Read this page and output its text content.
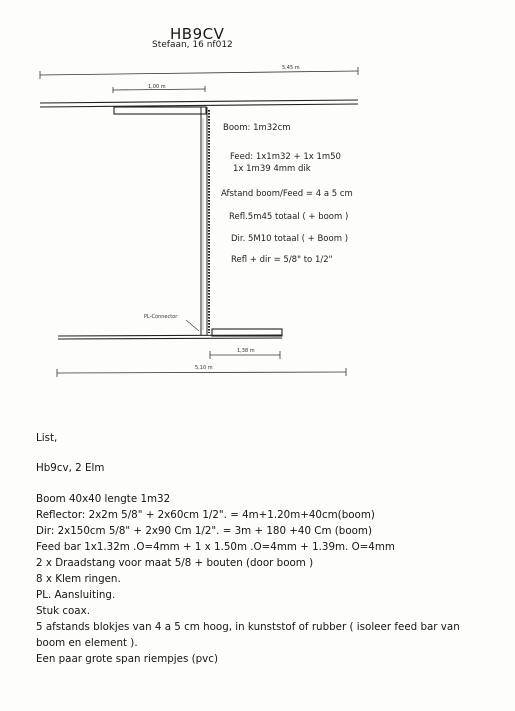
HB9CV
Stefaan, 16 nf012
5,45 m
1,00 m
1,38 m
5,10 m
PL-Connector
Boom: 1m32cm
Feed: 1x1m32 + 1x 1m50
1x 1m39 4mm dik
Afstand boom/Feed = 4 a 5 cm
Refl.5m45 totaal ( + boom )
Dir. 5M10 totaal ( + Boom )
Refl + dir = 5/8" to 1/2"
List,
Hb9cv, 2 Elm
Boom 40x40 lengte 1m32
Reflector: 2x2m 5/8" + 2x60cm 1/2". = 4m+1.20m+40cm(boom)
Dir: 2x150cm 5/8" + 2x90 Cm 1/2". = 3m + 180 +40 Cm (boom)
Feed bar 1x1.32m .O=4mm + 1 x 1.50m .O=4mm + 1.39m. O=4mm
2 x Draadstang voor maat 5/8 + bouten (door boom )
8 x Klem ringen.
PL. Aansluiting.
Stuk coax.
5 afstands blokjes van 4 a 5 cm hoog, in kunststof of rubber ( isoleer feed bar van
boom en element ).
Een paar grote span riempjes (pvc)
